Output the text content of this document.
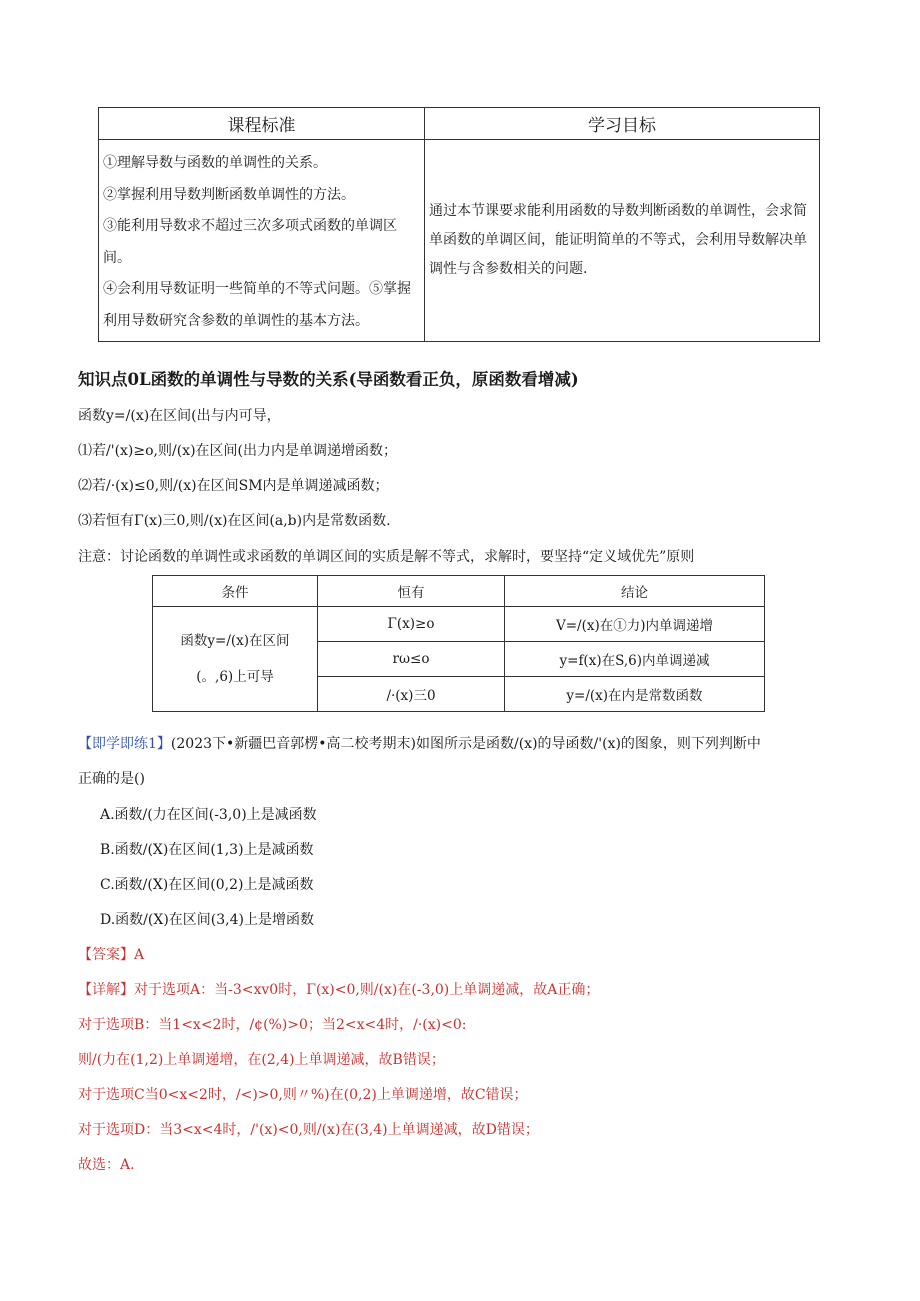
课程标准	学习目标

①理解导数与函数的单调性的关系。

②掌握利用导数判断函数单调性的方法。

③能利用导数求不超过三次多项式函数的单调区间。

④会利用导数证明一些简单的不等式问题。⑤掌握利用导数研究含参数的单调性的基本方法。	通过本节课要求能利用函数的导数判断函数的单调性，会求简单函数的单调区间，能证明简单的不等式，会利用导数解决单调性与含参数相关的问题.
知识点0L函数的单调性与导数的关系(导函数看正负，原函数看增减)
函数y=/(x)在区间(出与内可导，
⑴若/'(x)≥o,则/(x)在区间(出力内是单调递增函数；
⑵若/·(x)≤0,则/(x)在区间SM内是单调递减函数；
⑶若恒有Γ(x)三0,则/(x)在区间(a,b)内是常数函数.
注意：讨论函数的单调性或求函数的单调区间的实质是解不等式，求解时，要坚持“定义域优先”原则
条件	恒有	结论

函数y=/(x)在区间
(。,6)上可导	Γ(x)≥o	V=/(x)在①力)内单调递增
	rω≤o	y=f(x)在S,6)内单调递减
	/·(x)三0	y=/(x)在内是常数函数
【即学即练1】(2023下•新疆巴音郭楞•高二校考期末)如图所示是函数/(x)的导函数/'(x)的图象，则下列判断中
正确的是()
A.函数/(力在区间(-3,0)上是减函数
B.函数/(X)在区间(1,3)上是减函数
C.函数/(X)在区间(0,2)上是减函数
D.函数/(X)在区间(3,4)上是增函数
【答案】A
【详解】对于选项A：当-3<xv0时，Γ(x)<0,则/(x)在(-3,0)上单调递减，故A正确；
对于选项B：当1<x<2时，/¢(%)>0；当2<x<4时，/·(x)<0:
则/(力在(1,2)上单调递增，在(2,4)上单调递减，故B错误；
对于选项C当0<x<2时，/<)>0,则〃%)在(0,2)上单调递增，故C错误；
对于选项D：当3<x<4时，/'(x)<0,则/(x)在(3,4)上单调递减，故D错误；
故选：A.
